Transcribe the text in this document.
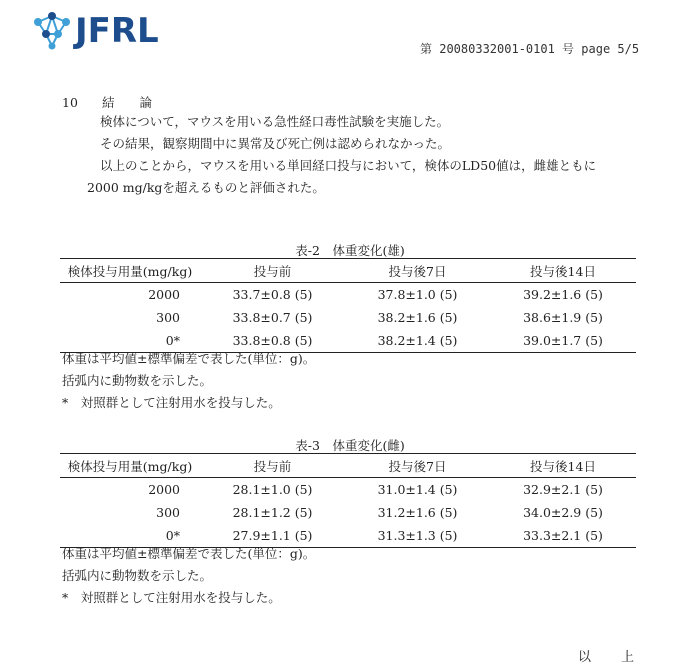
JFRL	第 20080332001-0101 号 page 5/5
10 結　　論
検体について，マウスを用いる急性経口毒性試験を実施した。
その結果，観察期間中に異常及び死亡例は認められなかった。
以上のことから，マウスを用いる単回経口投与において，検体のLD50値は，雌雄ともに
2000 mg/kgを超えるものと評価された。
表-2　体重変化(雄)
検体投与用量(mg/kg)	投与前	投与後7日	投与後14日
2000	33.7±0.8 (5)	37.8±1.0 (5)	39.2±1.6 (5)
300	33.8±0.7 (5)	38.2±1.6 (5)	38.6±1.9 (5)
0*	33.8±0.8 (5)	38.2±1.4 (5)	39.0±1.7 (5)
体重は平均値±標準偏差で表した(単位：g)。
括弧内に動物数を示した。
*　対照群として注射用水を投与した。
表-3　体重変化(雌)
検体投与用量(mg/kg)	投与前	投与後7日	投与後14日
2000	28.1±1.0 (5)	31.0±1.4 (5)	32.9±2.1 (5)
300	28.1±1.2 (5)	31.2±1.6 (5)	34.0±2.9 (5)
0*	27.9±1.1 (5)	31.3±1.3 (5)	33.3±2.1 (5)
体重は平均値±標準偏差で表した(単位：g)。
括弧内に動物数を示した。
*　対照群として注射用水を投与した。
以上
